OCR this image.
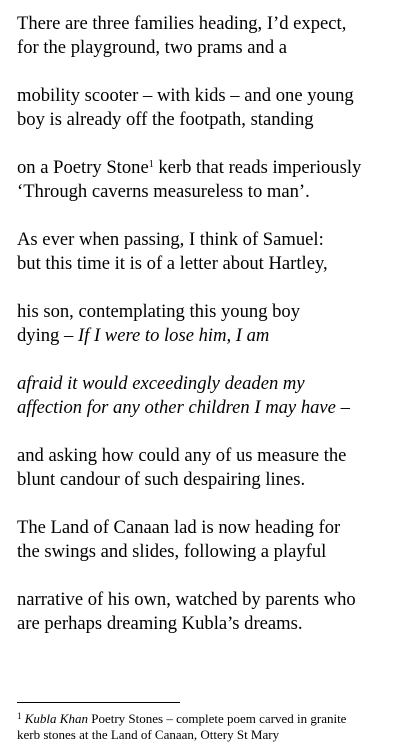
There are three families heading, I’d expect,
for the playground, two prams and a
mobility scooter – with kids – and one young
boy is already off the footpath, standing
on a Poetry Stone$^1$ kerb that reads imperiously
‘Through caverns measureless to man’.
As ever when passing, I think of Samuel:
but this time it is of a letter about Hartley,
his son, contemplating this young boy
dying – If I were to lose him, I am
afraid it would exceedingly deaden my
affection for any other children I may have –
and asking how could any of us measure the
blunt candour of such despairing lines.
The Land of Canaan lad is now heading for
the swings and slides, following a playful
narrative of his own, watched by parents who
are perhaps dreaming Kubla’s dreams.
$^1$ Kubla Khan Poetry Stones – complete poem carved in granite
kerb stones at the Land of Canaan, Ottery St Mary
